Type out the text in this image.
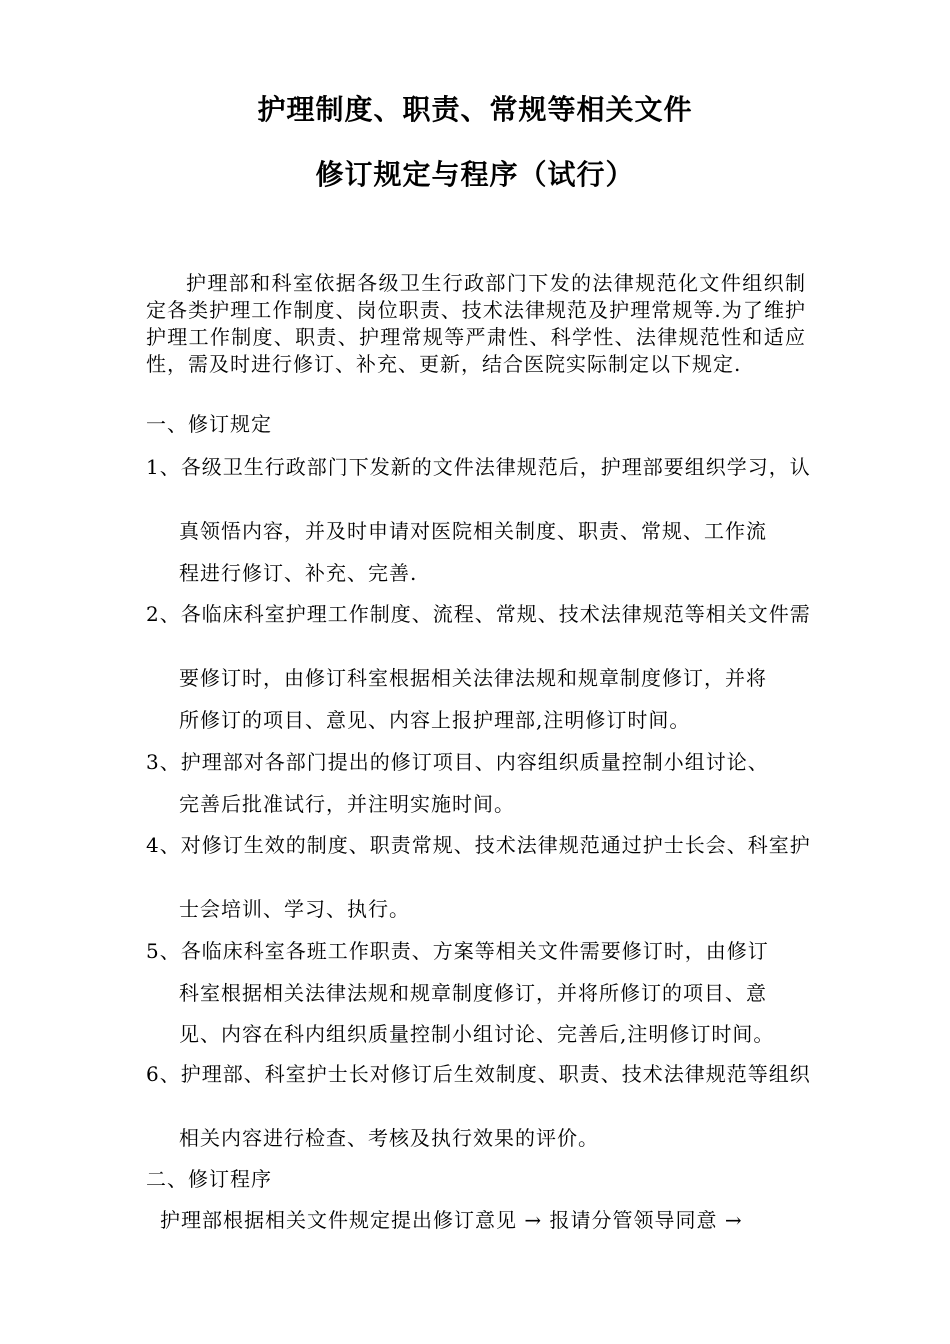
护理制度、职责、常规等相关文件
修订规定与程序（试行）

护理部和科室依据各级卫生行政部门下发的法律规范化文件组织制定各类护理工作制度、岗位职责、技术法律规范及护理常规等.为了维护护理工作制度、职责、护理常规等严肃性、科学性、法律规范性和适应性，需及时进行修订、补充、更新，结合医院实际制定以下规定.

一、修订规定
1、各级卫生行政部门下发新的文件法律规范后，护理部要组织学习，认
真领悟内容，并及时申请对医院相关制度、职责、常规、工作流
程进行修订、补充、完善.
2、各临床科室护理工作制度、流程、常规、技术法律规范等相关文件需
要修订时，由修订科室根据相关法律法规和规章制度修订，并将
所修订的项目、意见、内容上报护理部,注明修订时间。
3、护理部对各部门提出的修订项目、内容组织质量控制小组讨论、
完善后批准试行，并注明实施时间。
4、对修订生效的制度、职责常规、技术法律规范通过护士长会、科室护
士会培训、学习、执行。
5、各临床科室各班工作职责、方案等相关文件需要修订时，由修订
科室根据相关法律法规和规章制度修订，并将所修订的项目、意
见、内容在科内组织质量控制小组讨论、完善后,注明修订时间。
6、护理部、科室护士长对修订后生效制度、职责、技术法律规范等组织
相关内容进行检查、考核及执行效果的评价。
二、修订程序
护理部根据相关文件规定提出修订意见 → 报请分管领导同意 →
